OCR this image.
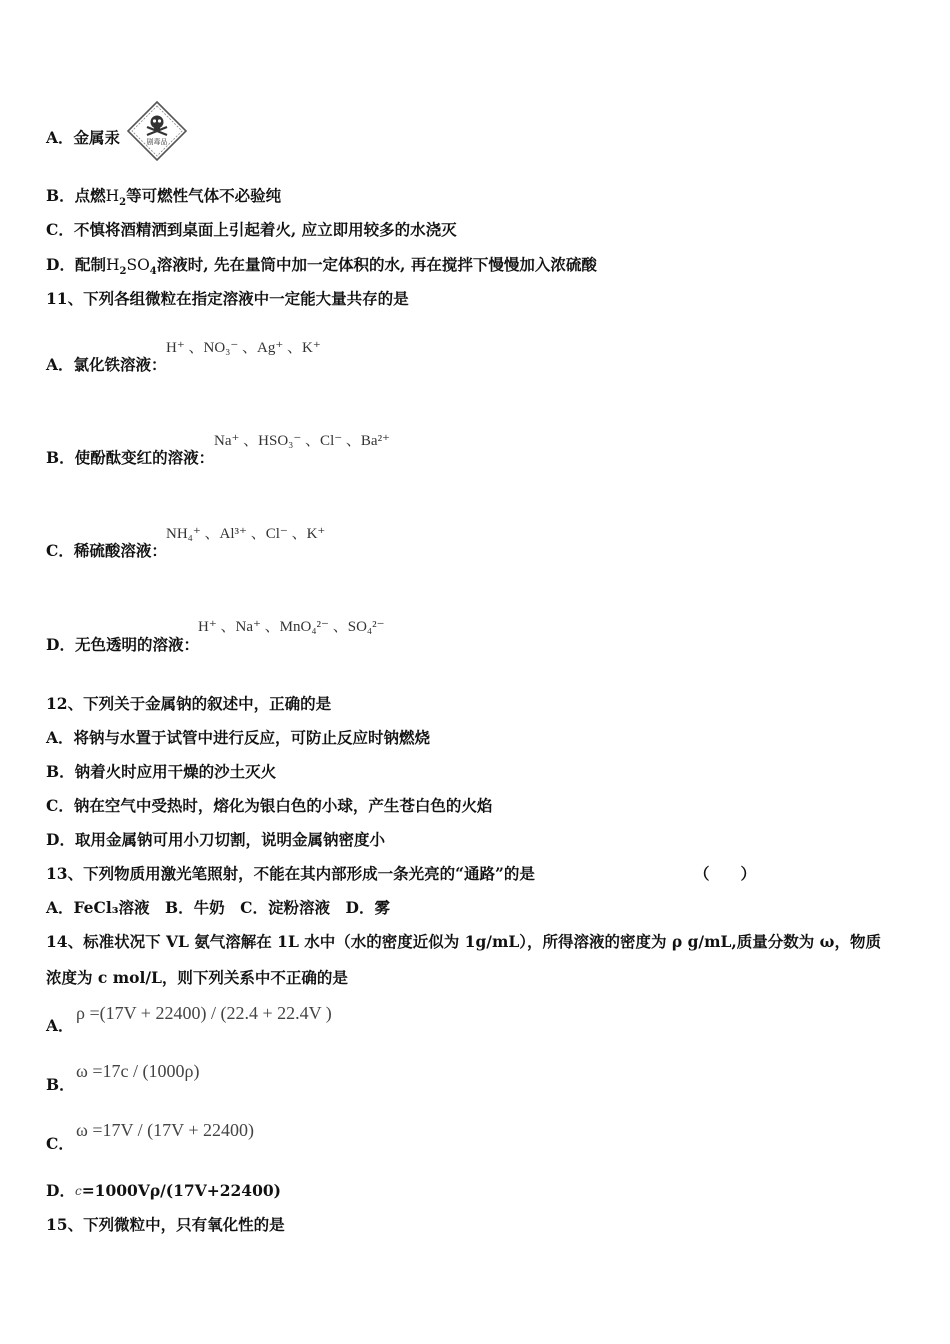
A．金属汞	剧毒品
B．点燃$H_2$等可燃性气体不必验纯
C．不慎将酒精洒到桌面上引起着火, 应立即用较多的水浇灭
D．配制$H_2SO_4$溶液时, 先在量筒中加一定体积的水, 再在搅拌下慢慢加入浓硫酸
11、下列各组微粒在指定溶液中一定能大量共存的是
H⁺ 、NO₃⁻ 、Ag⁺ 、K⁺
A．氯化铁溶液：
Na⁺ 、HSO₃⁻ 、Cl⁻ 、Ba²⁺
B．使酚酞变红的溶液：
NH₄⁺ 、Al³⁺ 、Cl⁻ 、K⁺
C．稀硫酸溶液：
H⁺ 、Na⁺ 、MnO₄²⁻ 、SO₄²⁻
D．无色透明的溶液：
12、下列关于金属钠的叙述中，正确的是
A．将钠与水置于试管中进行反应，可防止反应时钠燃烧
B．钠着火时应用干燥的沙土灭火
C．钠在空气中受热时，熔化为银白色的小球，产生苍白色的火焰
D．取用金属钠可用小刀切割，说明金属钠密度小
13、下列物质用激光笔照射，不能在其内部形成一条光亮的“通路”的是	（　　）
A．FeCl₃溶液　B．牛奶　C．淀粉溶液　D．雾
14、标准状况下 VL 氨气溶解在 1L 水中（水的密度近似为 1g/mL），所得溶液的密度为 ρ g/mL,质量分数为 ω，物质
浓度为 c mol/L，则下列关系中不正确的是
ρ =(17V + 22400) / (22.4 + 22.4V )
A．
ω =17c / (1000ρ)
B．
ω =17V / (17V + 22400)
C．
D．$^c$=1000Vρ/(17V+22400)
15、下列微粒中，只有氧化性的是
